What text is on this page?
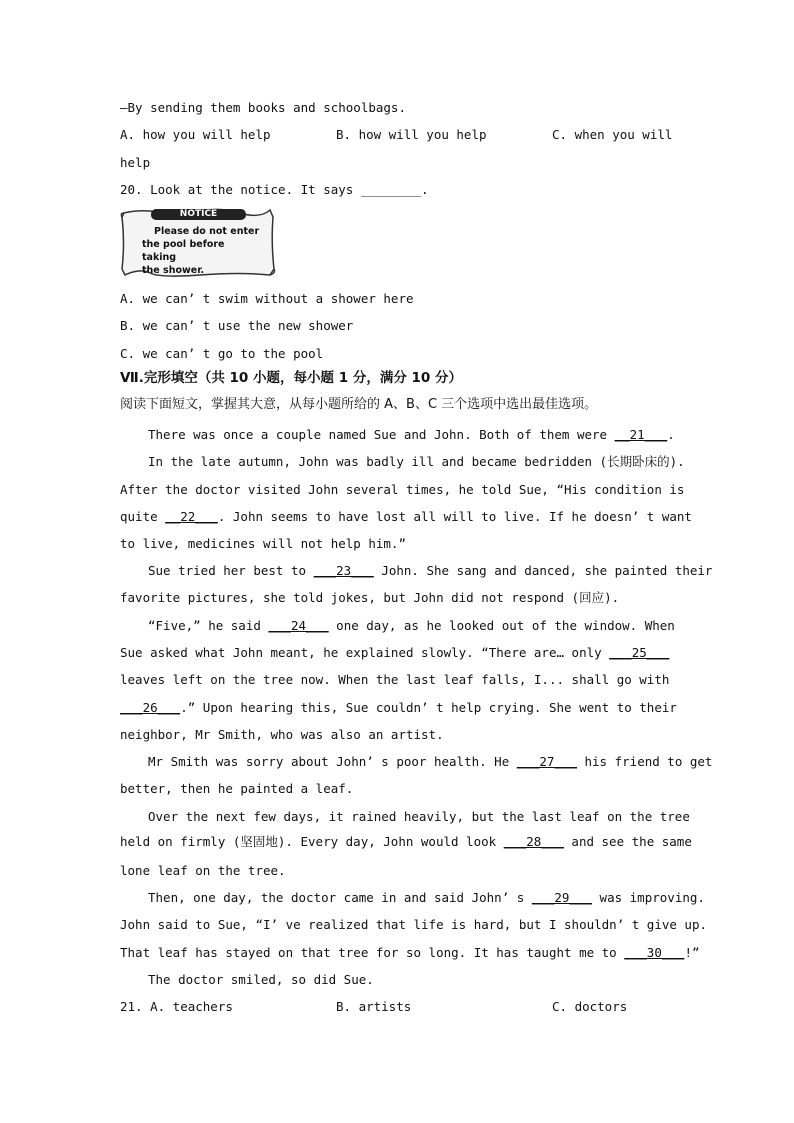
—By sending them books and schoolbags.
A. how you will help	B. how will you help	C. when you will
help
20. Look at the notice. It says ________.
NOTICE
Please do not enter
the pool before taking
the shower.
A. we can’ t swim without a shower here
B. we can’ t use the new shower
C. we can’ t go to the pool
Ⅶ.完形填空（共 10 小题，每小题 1 分，满分 10 分）
阅读下面短文，掌握其大意，从每小题所给的 A、B、C 三个选项中选出最佳选项。
There was once a couple named Sue and John. Both of them were __21___.
In the late autumn, John was badly ill and became bedridden (长期卧床的).
After the doctor visited John several times, he told Sue, “His condition is
quite __22___. John seems to have lost all will to live. If he doesn’ t want
to live, medicines will not help him.”
Sue tried her best to ___23___ John. She sang and danced, she painted their
favorite pictures, she told jokes, but John did not respond (回应).
“Five,” he said ___24___ one day, as he looked out of the window. When
Sue asked what John meant, he explained slowly. “There are… only ___25___
leaves left on the tree now. When the last leaf falls, I... shall go with
___26___.” Upon hearing this, Sue couldn’ t help crying. She went to their
neighbor, Mr Smith, who was also an artist.
Mr Smith was sorry about John’ s poor health. He ___27___ his friend to get
better, then he painted a leaf.
Over the next few days, it rained heavily, but the last leaf on the tree
held on firmly (坚固地). Every day, John would look ___28___ and see the same
lone leaf on the tree.
Then, one day, the doctor came in and said John’ s ___29___ was improving.
John said to Sue, “I’ ve realized that life is hard, but I shouldn’ t give up.
That leaf has stayed on that tree for so long. It has taught me to ___30___!”
The doctor smiled, so did Sue.
21. A. teachers	B. artists	C. doctors
